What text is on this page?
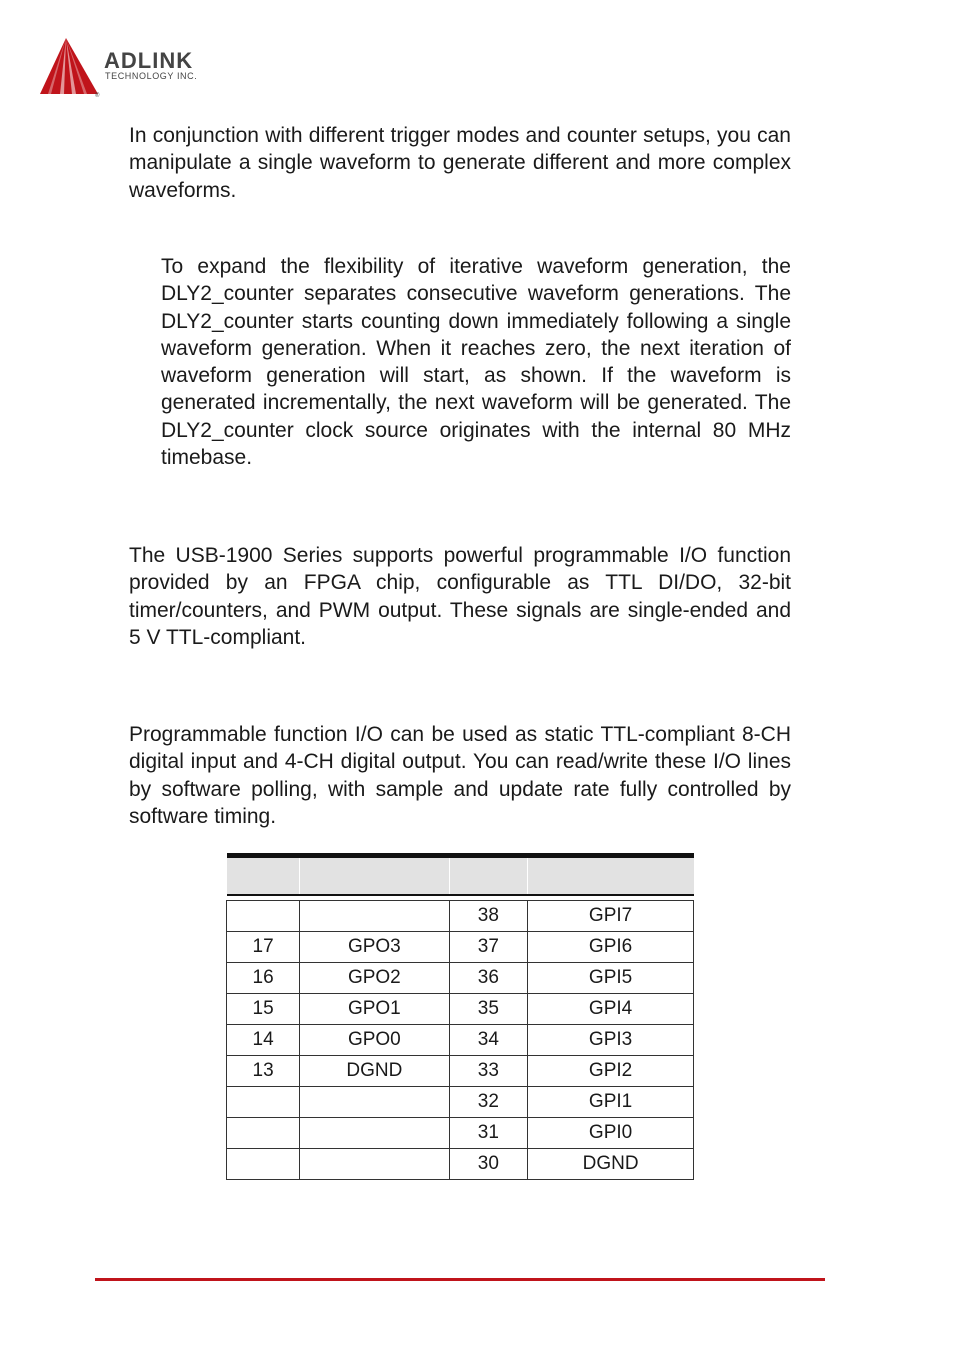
®
ADLINK
TECHNOLOGY INC.

In conjunction with different trigger modes and counter setups, you can manipulate a single waveform to generate different and more complex waveforms.

To expand the flexibility of iterative waveform generation, the DLY2_counter separates consecutive waveform generations. The DLY2_counter starts counting down immediately following a single waveform generation. When it reaches zero, the next iteration of waveform generation will start, as shown. If the waveform is generated incrementally, the next waveform will be generated. The DLY2_counter clock source originates with the internal 80 MHz timebase.

The USB-1900 Series supports powerful programmable I/O function provided by an FPGA chip, configurable as TTL DI/DO, 32-bit timer/counters, and PWM output. These signals are single-ended and 5 V TTL-compliant.

Programmable function I/O can be used as static TTL-compliant 8-CH digital input and 4-CH digital output. You can read/write these I/O lines by software polling, with sample and update rate fully controlled by software timing.

		38	GPI7
17	GPO3	37	GPI6
16	GPO2	36	GPI5
15	GPO1	35	GPI4
14	GPO0	34	GPI3
13	DGND	33	GPI2
		32	GPI1
		31	GPI0
		30	DGND
